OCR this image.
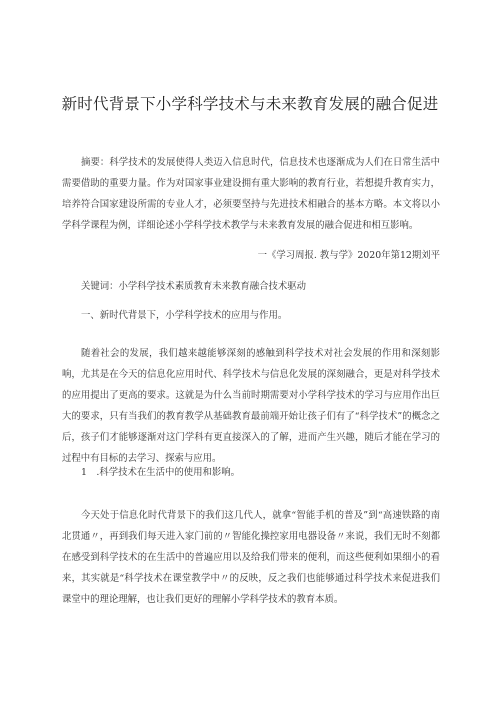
新时代背景下小学科学技术与未来教育发展的融合促进

摘要：科学技术的发展使得人类迈入信息时代，信息技术也逐渐成为人们在日常生活中需要借助的重要力量。作为对国家事业建设拥有重大影响的教育行业，若想提升教育实力，培养符合国家建设所需的专业人才，必须要坚持与先进技术相融合的基本方略。本文将以小学科学课程为例，详细论述小学科学技术教学与未来教育发展的融合促进和相互影响。

一《学习周报. 教与学》2020年第12期刘平

关键词：小学科学技术素质教育未来教育融合技术驱动

一、新时代背景下，小学科学技术的应用与作用。

随着社会的发展，我们越来越能够深刻的感触到科学技术对社会发展的作用和深刻影响，尤其是在今天的信息化应用时代、科学技术与信息化发展的深刻融合，更是对科学技术的应用提出了更高的要求。这就是为什么当前时期需要对小学科学技术的学习与应用作出巨大的要求，只有当我们的教育教学从基础教育最前端开始让孩子们有了“科学技术”的概念之后，孩子们才能够逐渐对这门学科有更直接深入的了解，进而产生兴趣，随后才能在学习的过程中有目标的去学习、探索与应用。

1　.科学技术在生活中的使用和影响。

今天处于信息化时代背景下的我们这几代人，就拿“智能手机的普及”到“高速铁路的南北贯通〃，再到我们每天进入家门前的〃智能化操控家用电器设备〃来说，我们无时不刻都在感受到科学技术的在生活中的普遍应用以及给我们带来的便利，而这些便利如果细小的看来，其实就是“科学技术在课堂教学中〃的反映，反之我们也能够通过科学技术来促进我们课堂中的理论理解，也让我们更好的理解小学科学技术的教育本质。
